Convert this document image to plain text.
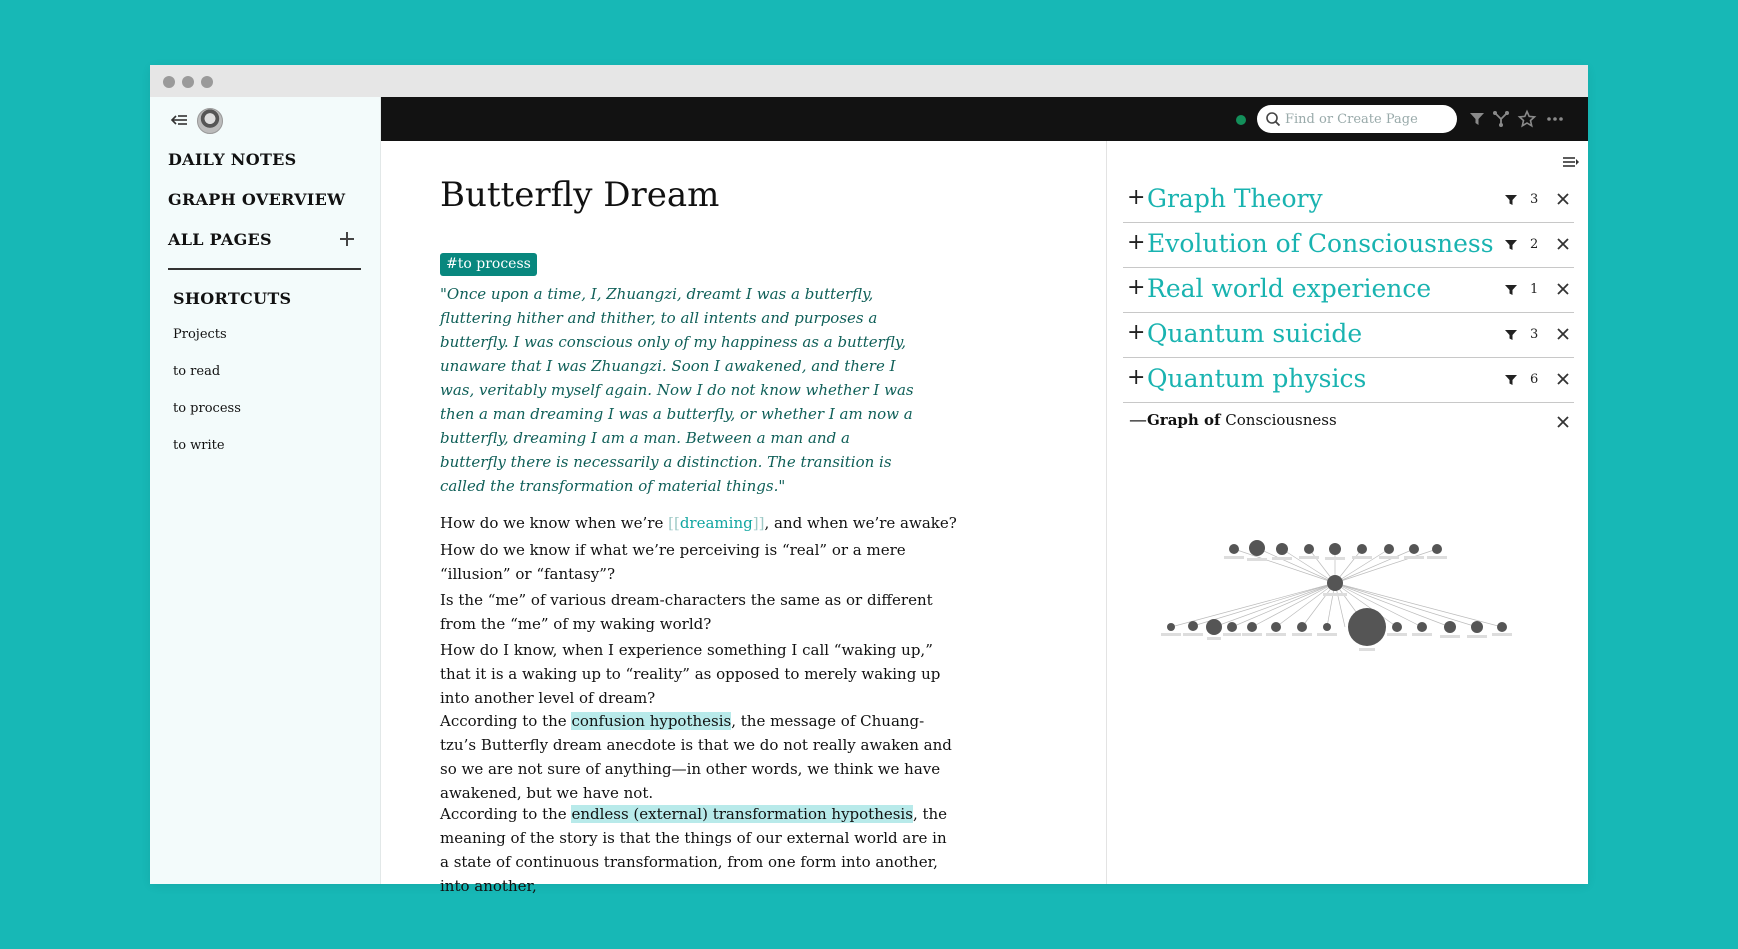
DAILY NOTES
GRAPH OVERVIEW
ALL PAGES
SHORTCUTS
Projects
to read
to process
to write
Find or Create Page
Butterfly Dream
#to process
"Once upon a time, I, Zhuangzi, dreamt I was a butterfly, fluttering hither and thither, to all intents and purposes a butterfly. I was conscious only of my happiness as a butterfly, unaware that I was Zhuangzi. Soon I awakened, and there I was, veritably myself again. Now I do not know whether I was then a man dreaming I was a butterfly, or whether I am now a butterfly, dreaming I am a man. Between a man and a butterfly there is necessarily a distinction. The transition is called the transformation of material things."
How do we know when we’re [[dreaming]], and when we’re awake?
How do we know if what we’re perceiving is “real” or a mere “illusion” or “fantasy”?
Is the “me” of various dream-characters the same as or different from the “me” of my waking world?
How do I know, when I experience something I call “waking up,” that it is a waking up to “reality” as opposed to merely waking up into another level of dream?
According to the confusion hypothesis, the message of Chuang-tzu’s Butterfly dream anecdote is that we do not really awaken and so we are not sure of anything—in other words, we think we have awakened, but we have not.
According to the endless (external) transformation hypothesis, the meaning of the story is that the things of our external world are in a state of continuous transformation, from one form into another, into another,
+ Graph Theory	3
+ Evolution of Consciousness	2
+ Real world experience	1
+ Quantum suicide	3
+ Quantum physics	6
— Graph of Consciousness
